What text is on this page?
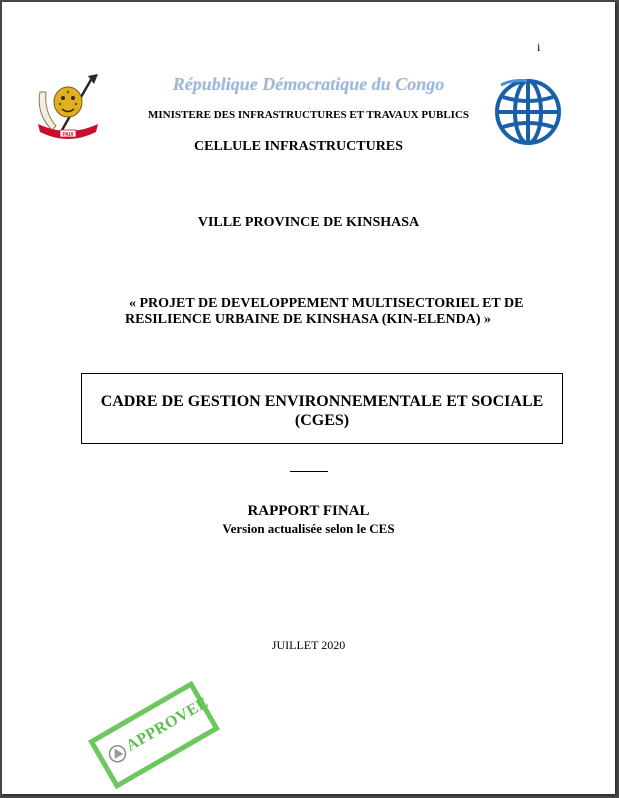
i
PAIX
République Démocratique du Congo
MINISTERE DES INFRASTRUCTURES ET TRAVAUX PUBLICS
CELLULE INFRASTRUCTURES
VILLE PROVINCE DE KINSHASA
« PROJET DE DEVELOPPEMENT MULTISECTORIEL ET DE
RESILIENCE URBAINE DE KINSHASA (KIN-ELENDA) »
CADRE DE GESTION ENVIRONNEMENTALE ET SOCIALE
(CGES)
RAPPORT FINAL
Version actualisée selon le CES
JUILLET 2020
APPROVEE
